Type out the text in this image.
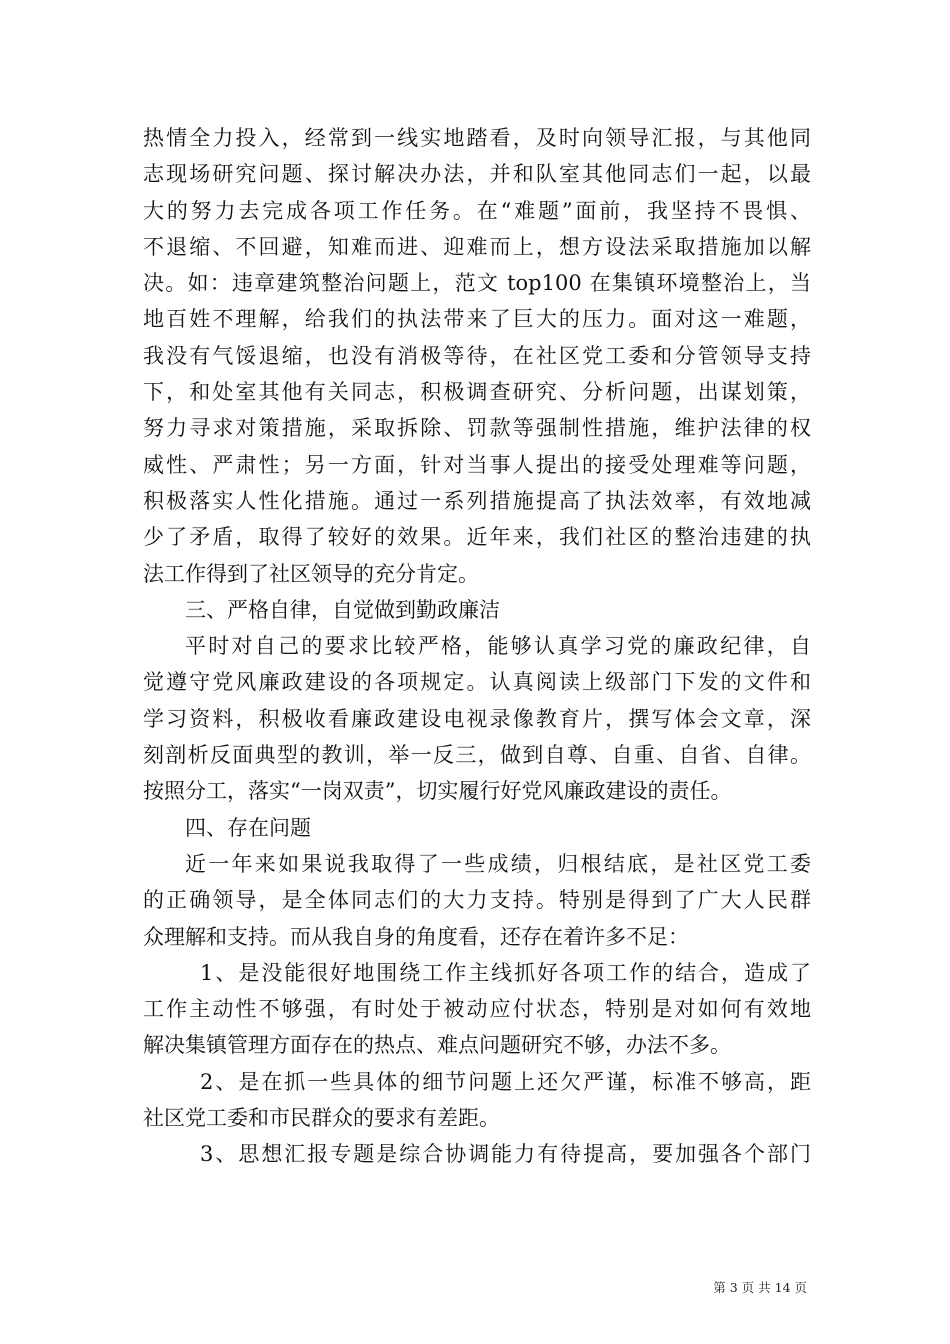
热情全力投入，经常到一线实地踏看，及时向领导汇报，与其他同
志现场研究问题、探讨解决办法，并和队室其他同志们一起，以最
大的努力去完成各项工作任务。在“难题”面前，我坚持不畏惧、
不退缩、不回避，知难而进、迎难而上，想方设法采取措施加以解
决。如：违章建筑整治问题上，范文 top100 在集镇环境整治上，当
地百姓不理解，给我们的执法带来了巨大的压力。面对这一难题，
我没有气馁退缩，也没有消极等待，在社区党工委和分管领导支持
下，和处室其他有关同志，积极调查研究、分析问题，出谋划策，
努力寻求对策措施，采取拆除、罚款等强制性措施，维护法律的权
威性、严肃性；另一方面，针对当事人提出的接受处理难等问题，
积极落实人性化措施。通过一系列措施提高了执法效率，有效地减
少了矛盾，取得了较好的效果。近年来，我们社区的整治违建的执
法工作得到了社区领导的充分肯定。
三、严格自律，自觉做到勤政廉洁
平时对自己的要求比较严格，能够认真学习党的廉政纪律，自
觉遵守党风廉政建设的各项规定。认真阅读上级部门下发的文件和
学习资料，积极收看廉政建设电视录像教育片，撰写体会文章，深
刻剖析反面典型的教训，举一反三，做到自尊、自重、自省、自律。
按照分工，落实“一岗双责”，切实履行好党风廉政建设的责任。
四、存在问题
近一年来如果说我取得了一些成绩，归根结底，是社区党工委
的正确领导，是全体同志们的大力支持。特别是得到了广大人民群
众理解和支持。而从我自身的角度看，还存在着许多不足：
1、是没能很好地围绕工作主线抓好各项工作的结合，造成了
工作主动性不够强，有时处于被动应付状态，特别是对如何有效地
解决集镇管理方面存在的热点、难点问题研究不够，办法不多。
2、是在抓一些具体的细节问题上还欠严谨，标准不够高，距
社区党工委和市民群众的要求有差距。
3、思想汇报专题是综合协调能力有待提高，要加强各个部门
第 3 页 共 14 页
